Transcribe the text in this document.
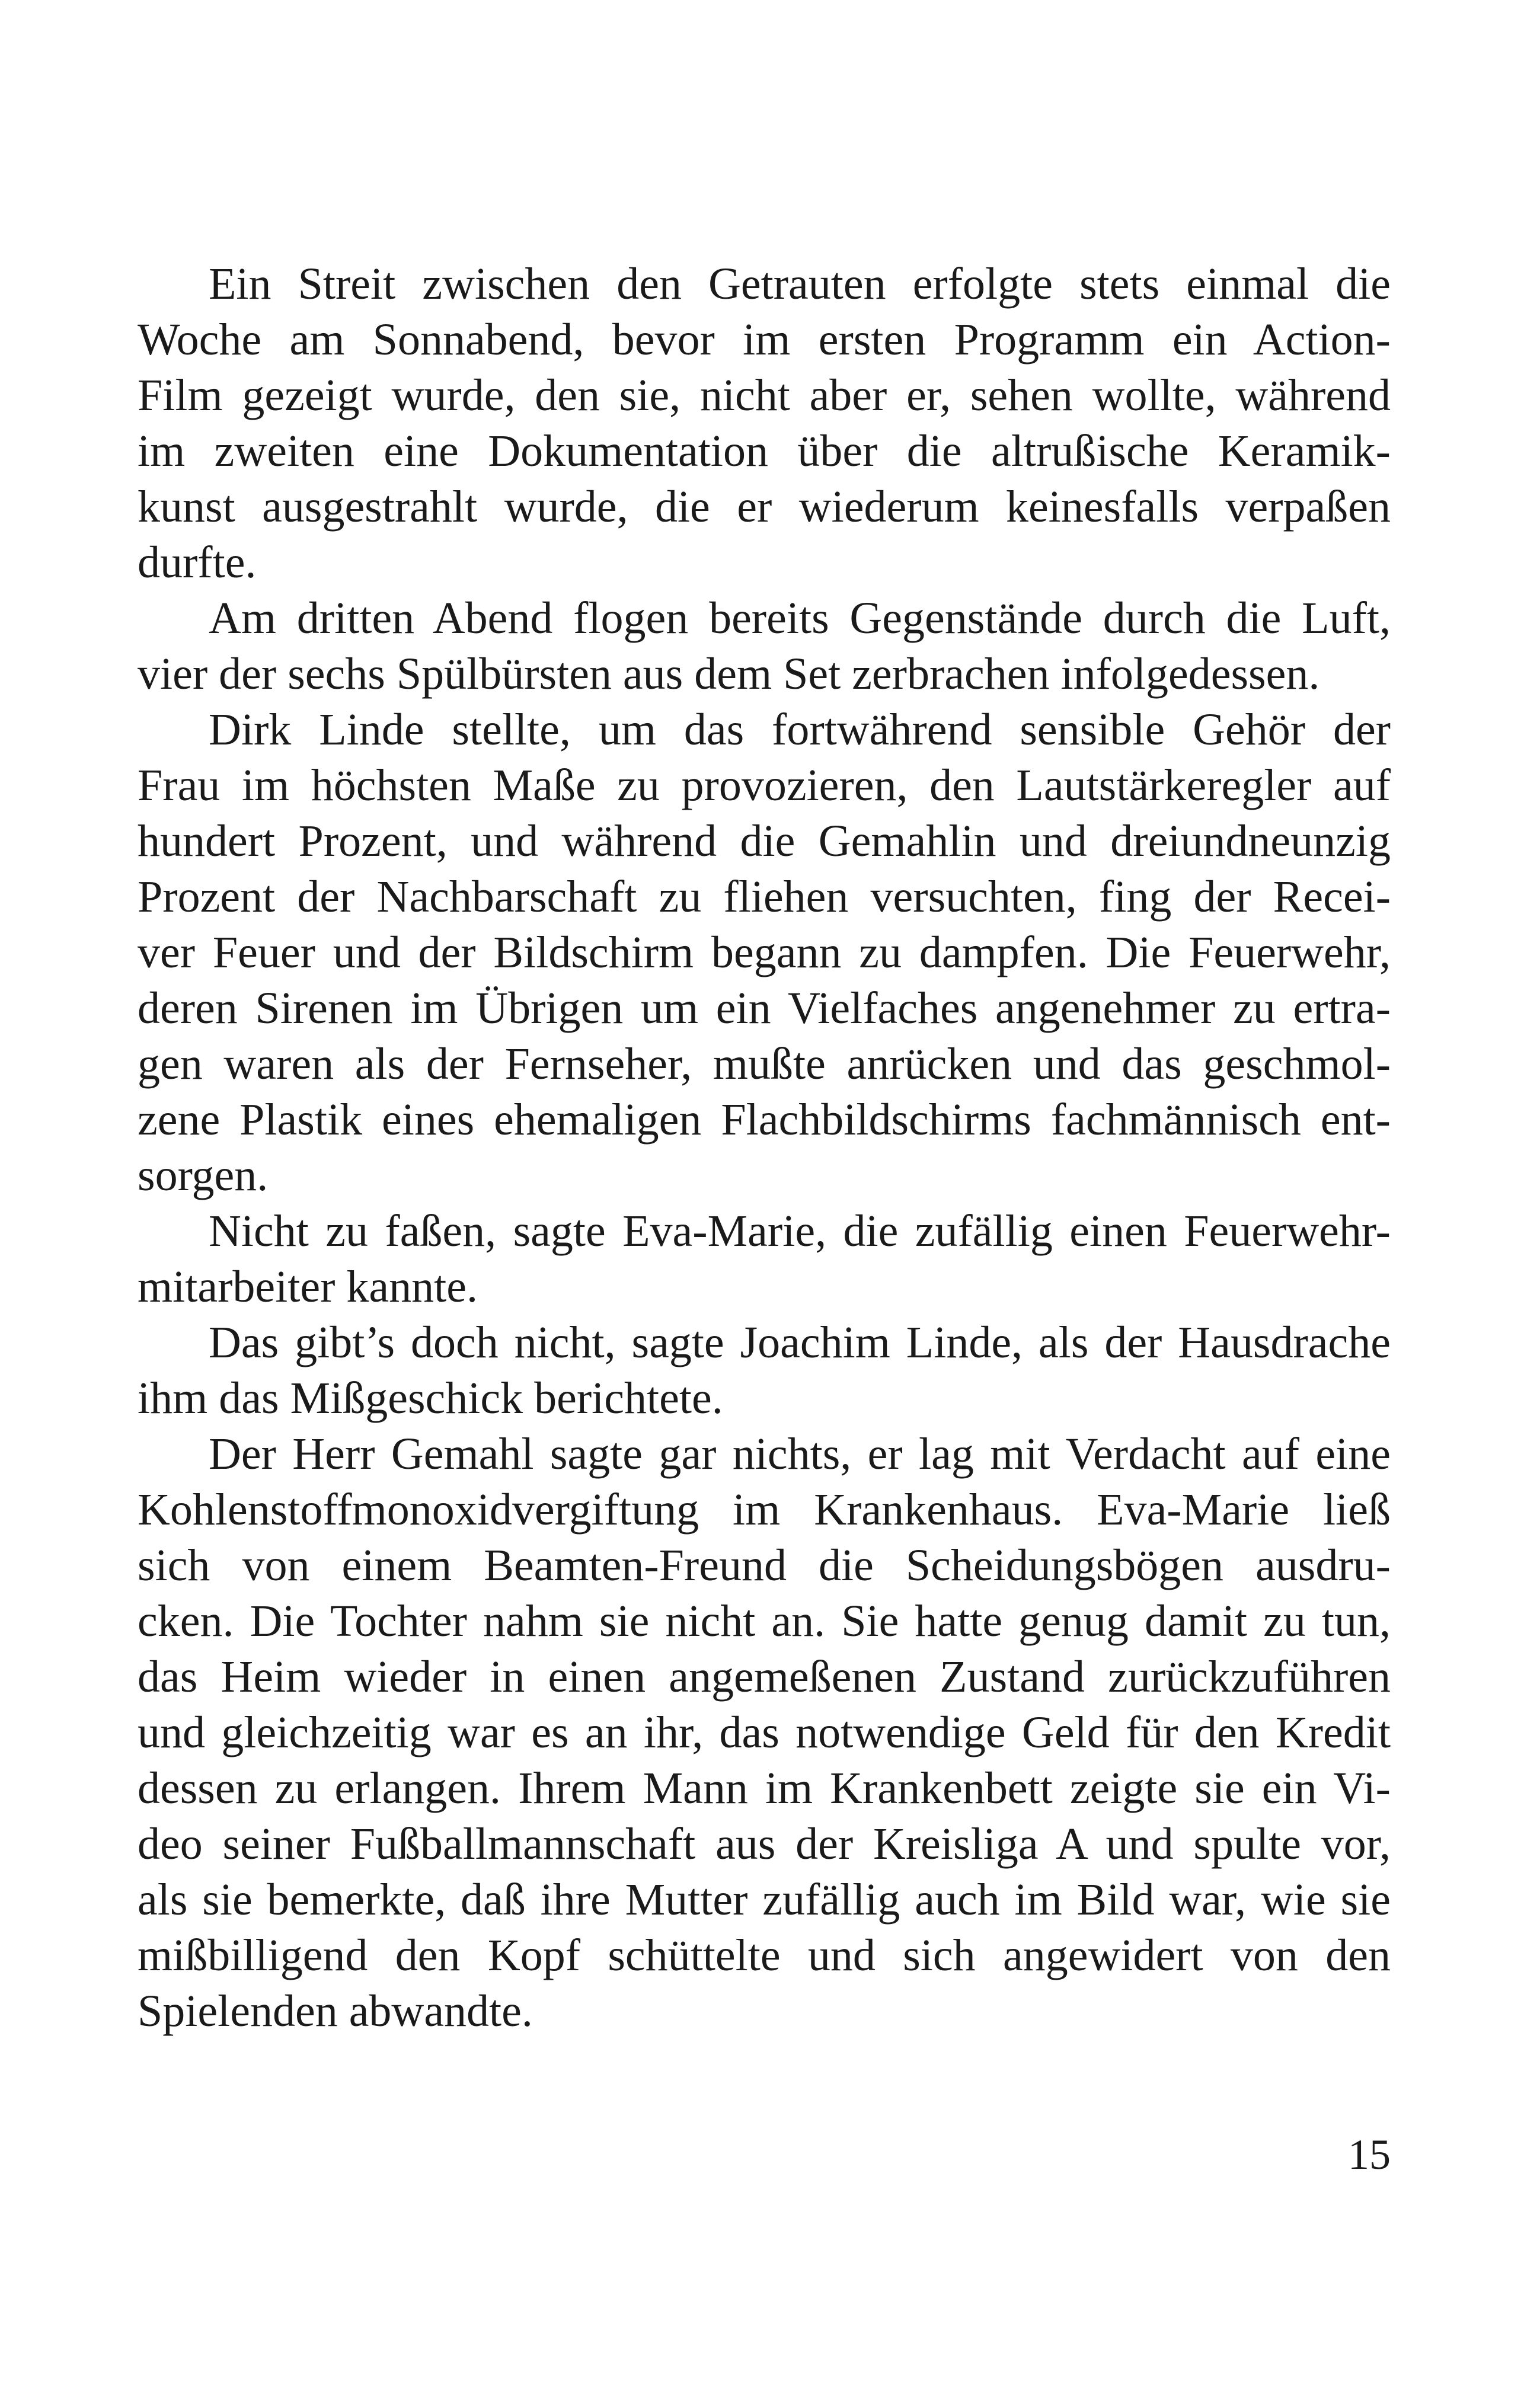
Ein Streit zwischen den Getrauten erfolgte stets einmal die
Woche am Sonnabend, bevor im ersten Programm ein Action-
Film gezeigt wurde, den sie, nicht aber er, sehen wollte, während
im zweiten eine Dokumentation über die altrußische Keramik-
kunst ausgestrahlt wurde, die er wiederum keinesfalls verpaßen
durfte.
Am dritten Abend flogen bereits Gegenstände durch die Luft,
vier der sechs Spülbürsten aus dem Set zerbrachen infolgedessen.
Dirk Linde stellte, um das fortwährend sensible Gehör der
Frau im höchsten Maße zu provozieren, den Lautstärkeregler auf
hundert Prozent, und während die Gemahlin und dreiundneunzig
Prozent der Nachbarschaft zu fliehen versuchten, fing der Recei-
ver Feuer und der Bildschirm begann zu dampfen. Die Feuerwehr,
deren Sirenen im Übrigen um ein Vielfaches angenehmer zu ertra-
gen waren als der Fernseher, mußte anrücken und das geschmol-
zene Plastik eines ehemaligen Flachbildschirms fachmännisch ent-
sorgen.
Nicht zu faßen, sagte Eva-Marie, die zufällig einen Feuerwehr-
mitarbeiter kannte.
Das gibt’s doch nicht, sagte Joachim Linde, als der Hausdrache
ihm das Mißgeschick berichtete.
Der Herr Gemahl sagte gar nichts, er lag mit Verdacht auf eine
Kohlenstoffmonoxidvergiftung im Krankenhaus. Eva-Marie ließ
sich von einem Beamten-Freund die Scheidungsbögen ausdru-
cken. Die Tochter nahm sie nicht an. Sie hatte genug damit zu tun,
das Heim wieder in einen angemeßenen Zustand zurückzuführen
und gleichzeitig war es an ihr, das notwendige Geld für den Kredit
dessen zu erlangen. Ihrem Mann im Krankenbett zeigte sie ein Vi-
deo seiner Fußballmannschaft aus der Kreisliga A und spulte vor,
als sie bemerkte, daß ihre Mutter zufällig auch im Bild war, wie sie
mißbilligend den Kopf schüttelte und sich angewidert von den
Spielenden abwandte.
15
